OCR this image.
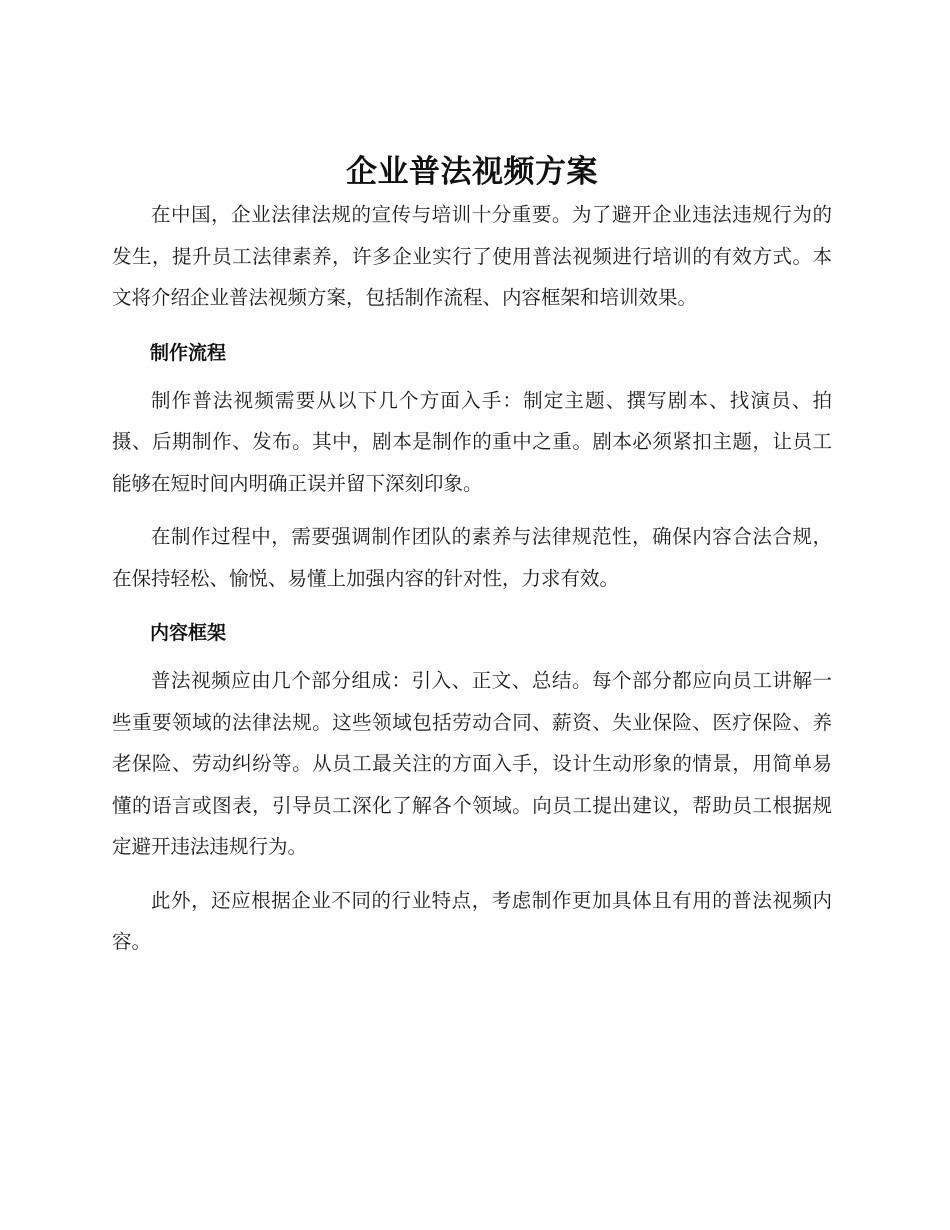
企业普法视频方案

在中国，企业法律法规的宣传与培训十分重要。为了避开企业违法违规行为的发生，提升员工法律素养，许多企业实行了使用普法视频进行培训的有效方式。本文将介绍企业普法视频方案，包括制作流程、内容框架和培训效果。

制作流程

制作普法视频需要从以下几个方面入手：制定主题、撰写剧本、找演员、拍摄、后期制作、发布。其中，剧本是制作的重中之重。剧本必须紧扣主题，让员工能够在短时间内明确正误并留下深刻印象。

在制作过程中，需要强调制作团队的素养与法律规范性，确保内容合法合规，在保持轻松、愉悦、易懂上加强内容的针对性，力求有效。

内容框架

普法视频应由几个部分组成：引入、正文、总结。每个部分都应向员工讲解一些重要领域的法律法规。这些领域包括劳动合同、薪资、失业保险、医疗保险、养老保险、劳动纠纷等。从员工最关注的方面入手，设计生动形象的情景，用简单易懂的语言或图表，引导员工深化了解各个领域。向员工提出建议，帮助员工根据规定避开违法违规行为。

此外，还应根据企业不同的行业特点，考虑制作更加具体且有用的普法视频内容。
